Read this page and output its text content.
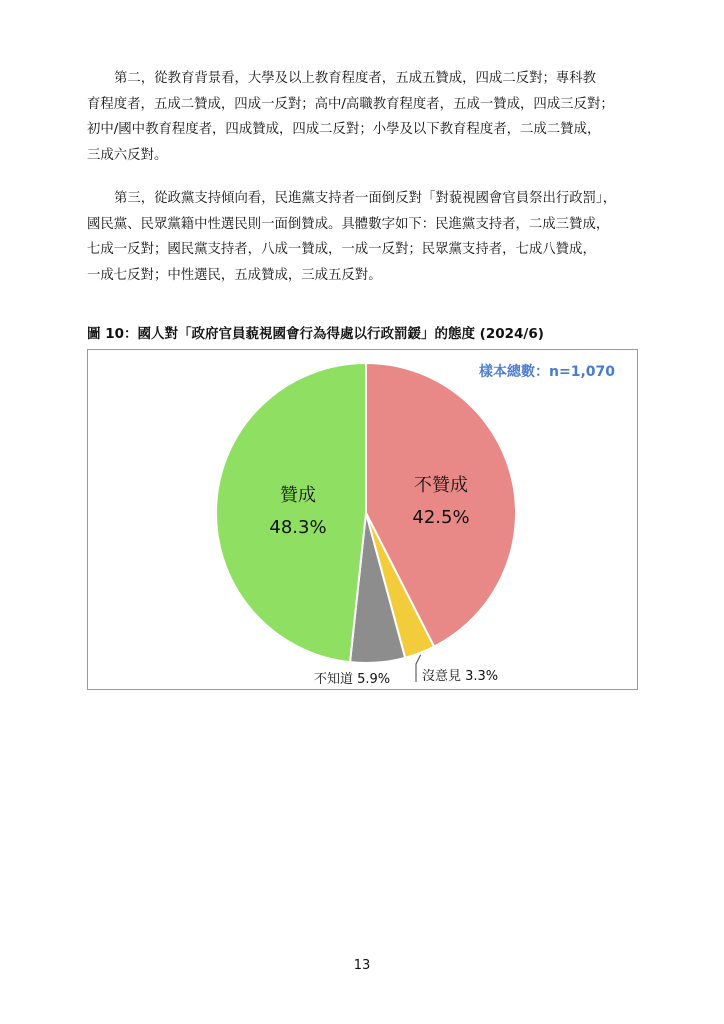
第二，從教育背景看，大學及以上教育程度者，五成五贊成，四成二反對；專科教
育程度者，五成二贊成，四成一反對；高中/高職教育程度者，五成一贊成，四成三反對；
初中/國中教育程度者，四成贊成，四成二反對；小學及以下教育程度者，二成二贊成，
三成六反對。
第三，從政黨支持傾向看，民進黨支持者一面倒反對「對藐視國會官員祭出行政罰」，
國民黨、民眾黨籍中性選民則一面倒贊成。具體數字如下：民進黨支持者，二成三贊成，
七成一反對；國民黨支持者，八成一贊成，一成一反對；民眾黨支持者，七成八贊成，
一成七反對；中性選民，五成贊成，三成五反對。
圖 10：國人對「政府官員藐視國會行為得處以行政罰鍰」的態度 (2024/6)
不贊成
42.5%
沒意見 3.3%
不知道 5.9%
贊成
48.3%
樣本總數：n=1,070
13
